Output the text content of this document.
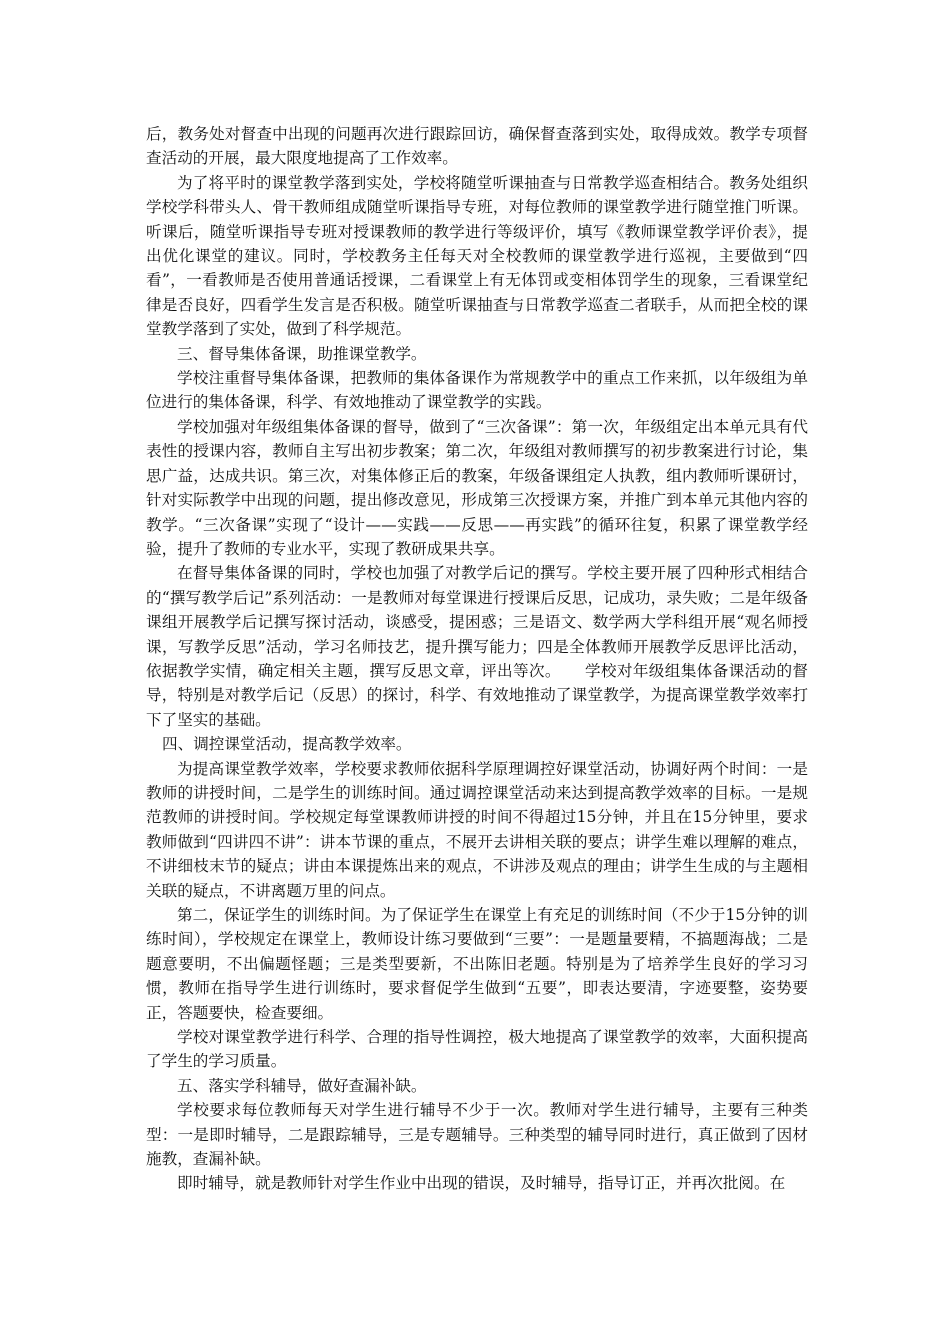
后，教务处对督查中出现的问题再次进行跟踪回访，确保督查落到实处，取得成效。教学专项督查活动的开展，最大限度地提高了工作效率。

为了将平时的课堂教学落到实处，学校将随堂听课抽查与日常教学巡查相结合。教务处组织学校学科带头人、骨干教师组成随堂听课指导专班，对每位教师的课堂教学进行随堂推门听课。听课后，随堂听课指导专班对授课教师的教学进行等级评价，填写《教师课堂教学评价表》，提出优化课堂的建议。同时，学校教务主任每天对全校教师的课堂教学进行巡视，主要做到“四看”，一看教师是否使用普通话授课，二看课堂上有无体罚或变相体罚学生的现象，三看课堂纪律是否良好，四看学生发言是否积极。随堂听课抽查与日常教学巡查二者联手，从而把全校的课堂教学落到了实处，做到了科学规范。

三、督导集体备课，助推课堂教学。

学校注重督导集体备课，把教师的集体备课作为常规教学中的重点工作来抓，以年级组为单位进行的集体备课，科学、有效地推动了课堂教学的实践。

学校加强对年级组集体备课的督导，做到了“三次备课”：第一次，年级组定出本单元具有代表性的授课内容，教师自主写出初步教案；第二次，年级组对教师撰写的初步教案进行讨论，集思广益，达成共识。第三次，对集体修正后的教案，年级备课组定人执教，组内教师听课研讨，针对实际教学中出现的问题，提出修改意见，形成第三次授课方案，并推广到本单元其他内容的教学。“三次备课”实现了“设计——实践——反思——再实践”的循环往复，积累了课堂教学经验，提升了教师的专业水平，实现了教研成果共享。

在督导集体备课的同时，学校也加强了对教学后记的撰写。学校主要开展了四种形式相结合的“撰写教学后记”系列活动：一是教师对每堂课进行授课后反思，记成功，录失败；二是年级备课组开展教学后记撰写探讨活动，谈感受，提困惑；三是语文、数学两大学科组开展“观名师授课，写教学反思”活动，学习名师技艺，提升撰写能力；四是全体教师开展教学反思评比活动，依据教学实情，确定相关主题，撰写反思文章，评出等次。　　学校对年级组集体备课活动的督导，特别是对教学后记（反思）的探讨，科学、有效地推动了课堂教学，为提高课堂教学效率打下了坚实的基础。

四、调控课堂活动，提高教学效率。

为提高课堂教学效率，学校要求教师依据科学原理调控好课堂活动，协调好两个时间：一是教师的讲授时间，二是学生的训练时间。通过调控课堂活动来达到提高教学效率的目标。一是规范教师的讲授时间。学校规定每堂课教师讲授的时间不得超过15分钟，并且在15分钟里，要求教师做到“四讲四不讲”：讲本节课的重点，不展开去讲相关联的要点；讲学生难以理解的难点，不讲细枝末节的疑点；讲由本课提炼出来的观点，不讲涉及观点的理由；讲学生生成的与主题相关联的疑点，不讲离题万里的问点。

第二，保证学生的训练时间。为了保证学生在课堂上有充足的训练时间（不少于15分钟的训练时间），学校规定在课堂上，教师设计练习要做到“三要”：一是题量要精，不搞题海战；二是题意要明，不出偏题怪题；三是类型要新，不出陈旧老题。特别是为了培养学生良好的学习习惯，教师在指导学生进行训练时，要求督促学生做到“五要”，即表达要清，字迹要整，姿势要正，答题要快，检查要细。

学校对课堂教学进行科学、合理的指导性调控，极大地提高了课堂教学的效率，大面积提高了学生的学习质量。

五、落实学科辅导，做好查漏补缺。

学校要求每位教师每天对学生进行辅导不少于一次。教师对学生进行辅导，主要有三种类型：一是即时辅导，二是跟踪辅导，三是专题辅导。三种类型的辅导同时进行，真正做到了因材施教，查漏补缺。

即时辅导，就是教师针对学生作业中出现的错误，及时辅导，指导订正，并再次批阅。在
